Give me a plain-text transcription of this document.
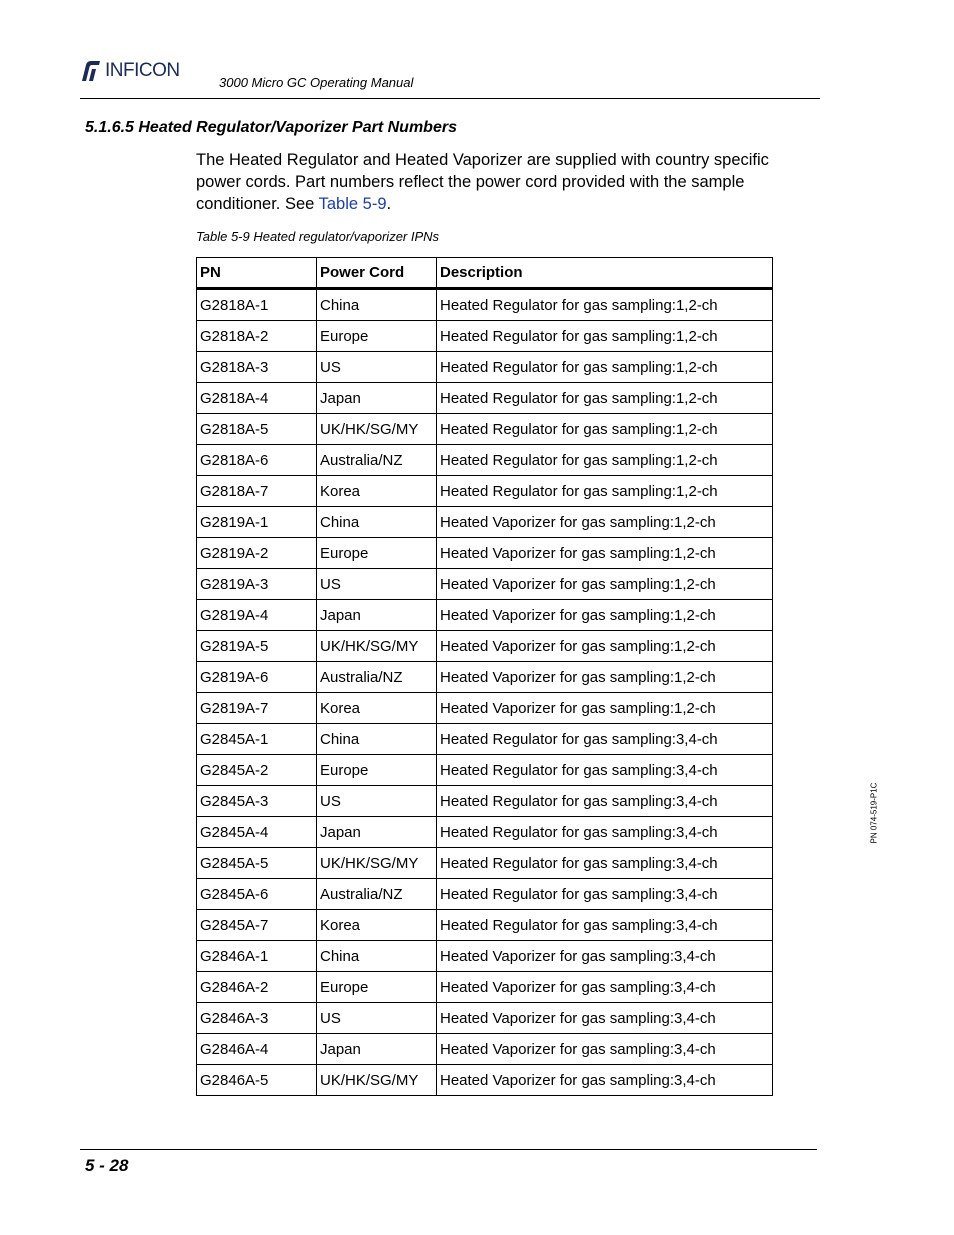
INFICON
3000 Micro GC Operating Manual
5.1.6.5 Heated Regulator/Vaporizer Part Numbers

The Heated Regulator and Heated Vaporizer are supplied with country specific power cords. Part numbers reflect the power cord provided with the sample conditioner. See Table 5-9.

Table 5-9 Heated regulator/vaporizer IPNs
PN	Power Cord	Description
G2818A-1	China	Heated Regulator for gas sampling:1,2-ch
G2818A-2	Europe	Heated Regulator for gas sampling:1,2-ch
G2818A-3	US	Heated Regulator for gas sampling:1,2-ch
G2818A-4	Japan	Heated Regulator for gas sampling:1,2-ch
G2818A-5	UK/HK/SG/MY	Heated Regulator for gas sampling:1,2-ch
G2818A-6	Australia/NZ	Heated Regulator for gas sampling:1,2-ch
G2818A-7	Korea	Heated Regulator for gas sampling:1,2-ch
G2819A-1	China	Heated Vaporizer for gas sampling:1,2-ch
G2819A-2	Europe	Heated Vaporizer for gas sampling:1,2-ch
G2819A-3	US	Heated Vaporizer for gas sampling:1,2-ch
G2819A-4	Japan	Heated Vaporizer for gas sampling:1,2-ch
G2819A-5	UK/HK/SG/MY	Heated Vaporizer for gas sampling:1,2-ch
G2819A-6	Australia/NZ	Heated Vaporizer for gas sampling:1,2-ch
G2819A-7	Korea	Heated Vaporizer for gas sampling:1,2-ch
G2845A-1	China	Heated Regulator for gas sampling:3,4-ch
G2845A-2	Europe	Heated Regulator for gas sampling:3,4-ch
G2845A-3	US	Heated Regulator for gas sampling:3,4-ch
G2845A-4	Japan	Heated Regulator for gas sampling:3,4-ch
G2845A-5	UK/HK/SG/MY	Heated Regulator for gas sampling:3,4-ch
G2845A-6	Australia/NZ	Heated Regulator for gas sampling:3,4-ch
G2845A-7	Korea	Heated Regulator for gas sampling:3,4-ch
G2846A-1	China	Heated Vaporizer for gas sampling:3,4-ch
G2846A-2	Europe	Heated Vaporizer for gas sampling:3,4-ch
G2846A-3	US	Heated Vaporizer for gas sampling:3,4-ch
G2846A-4	Japan	Heated Vaporizer for gas sampling:3,4-ch
G2846A-5	UK/HK/SG/MY	Heated Vaporizer for gas sampling:3,4-ch
5 - 28
PN 074-519-P1C
